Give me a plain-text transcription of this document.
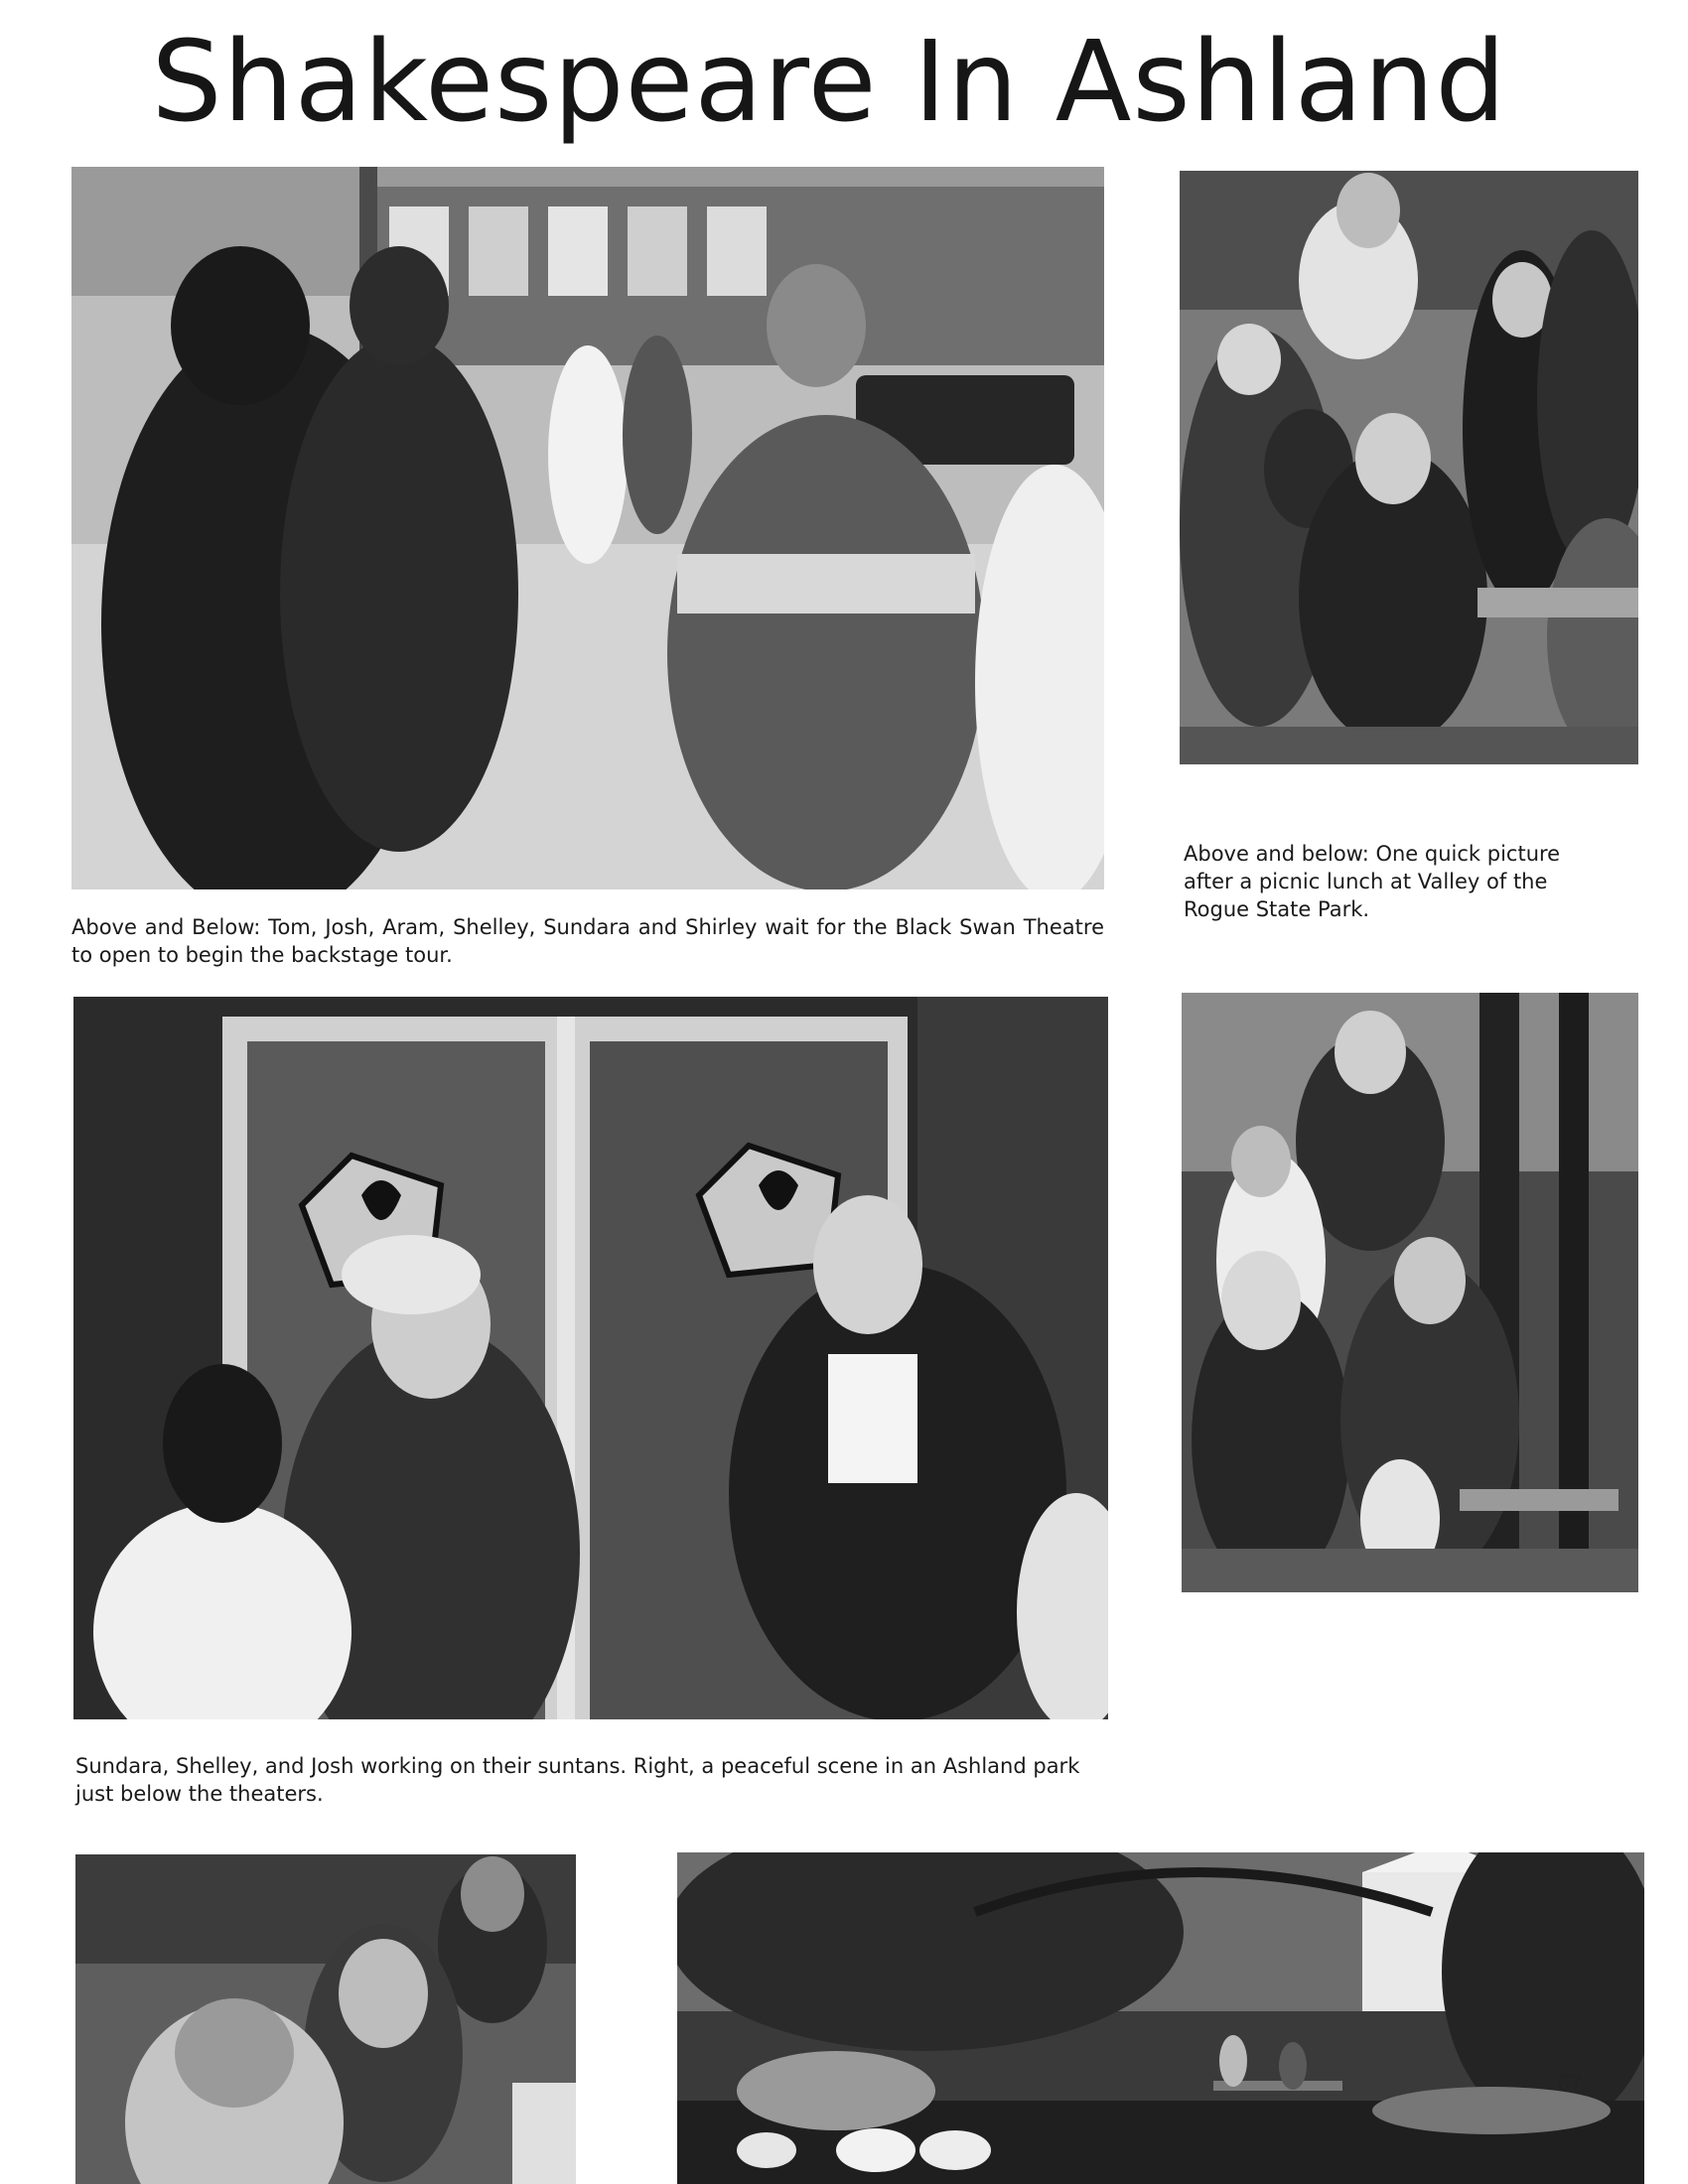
Shakespeare In Ashland

Above and Below: Tom, Josh, Aram, Shelley, Sundara and Shirley wait for the Black Swan Theatre to open to begin the backstage tour.

Above and below: One quick picture after a picnic lunch at Valley of the Rogue State Park.

Sundara, Shelley, and Josh working on their suntans. Right, a peaceful scene in an Ashland park just below the theaters.

67
